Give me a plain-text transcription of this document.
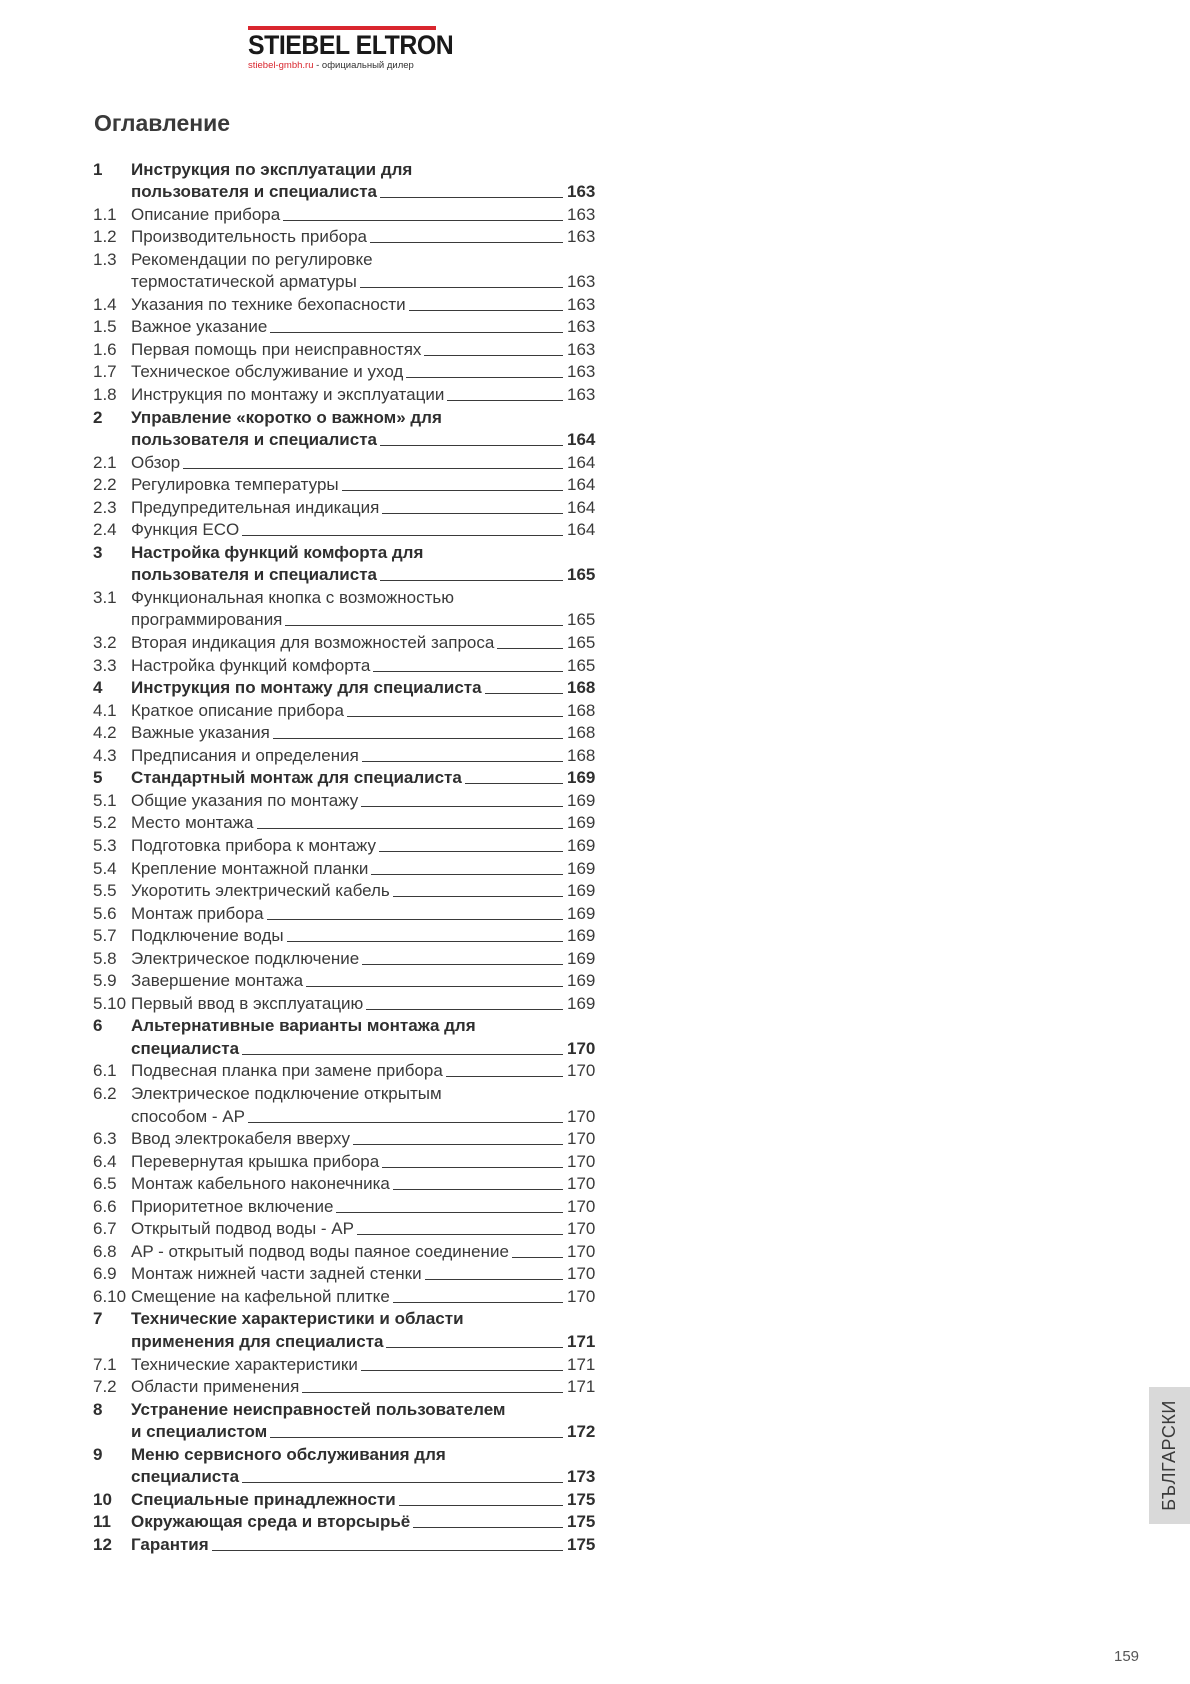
STIEBEL ELTRON
stiebel-gmbh.ru - официальный дилер
Оглавление
1	Инструкция по эксплуатации для
пользователя и специалиста	163
1.1 Описание прибора	163
1.2 Производительность прибора	163
1.3 Рекомендации по регулировке
термостатической арматуры	163
1.4 Указания по технике бехопасности	163
1.5 Важное указание	163
1.6 Первая помощь при неисправностях	163
1.7 Техническое обслуживание и уход	163
1.8 Инструкция по монтажу и эксплуатации	163
2	Управление «коротко о важном» для
пользователя и специалиста	164
2.1 Обзор	164
2.2 Регулировка температуры	164
2.3 Предупредительная индикация	164
2.4 Функция ECO	164
3	Настройка функций комфорта для
пользователя и специалиста	165
3.1 Функциональная кнопка с возможностью
программирования	165
3.2 Вторая индикация для возможностей запроса	165
3.3 Настройка функций комфорта	165
4	Инструкция по монтажу для специалиста	168
4.1 Краткое описание прибора	168
4.2 Важные указания	168
4.3 Предписания и определения	168
5	Стандартный монтаж для специалиста	169
5.1 Общие указания по монтажу	169
5.2 Место монтажа	169
5.3 Подготовка прибора к монтажу	169
5.4 Крепление монтажной планки	169
5.5 Укоротить электрический кабель	169
5.6 Монтаж прибора	169
5.7 Подключение воды	169
5.8 Электрическое подключение	169
5.9 Завершение монтажа	169
5.10 Первый ввод в эксплуатацию	169
6	Альтернативные варианты монтажа для
специалиста	170
6.1 Подвесная планка при замене прибора	170
6.2 Электрическое подключение открытым
способом - AP	170
6.3 Ввод электрокабеля вверху	170
6.4 Перевернутая крышка прибора	170
6.5 Монтаж кабельного наконечника	170
6.6 Приоритетное включение	170
6.7 Открытый подвод воды - AP	170
6.8 AP - открытый подвод воды паяное соединение	170
6.9 Монтаж нижней части задней стенки	170
6.10 Смещение на кафельной плитке	170
7	Технические характеристики и области
применения для специалиста	171
7.1 Технические характеристики	171
7.2 Области применения	171
8	Устранение неисправностей пользователем
и специалистом	172
9	Меню сервисного обслуживания для
специалиста	173
10	Специальные принадлежности	175
11	Окружающая среда и вторсырьё	175
12	Гарантия	175
БЪЛГАРСКИ
159
